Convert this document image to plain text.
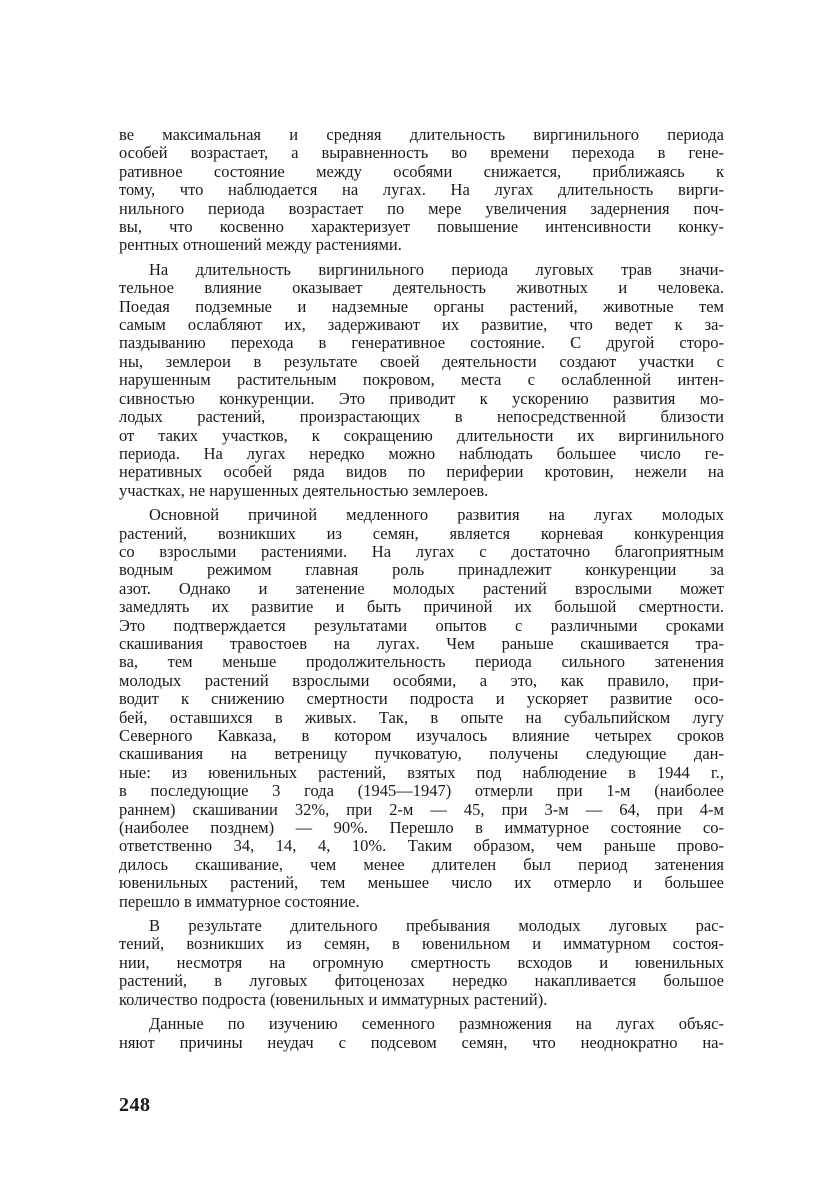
ве максимальная и средняя длительность виргинильного периода
особей возрастает, а выравненность во времени перехода в гене-
ративное состояние между особями снижается, приближаясь к
тому, что наблюдается на лугах. На лугах длительность вирги-
нильного периода возрастает по мере увеличения задернения поч-
вы, что косвенно характеризует повышение интенсивности конку-
рентных отношений между растениями.
На длительность виргинильного периода луговых трав значи-
тельное влияние оказывает деятельность животных и человека.
Поедая подземные и надземные органы растений, животные тем
самым ослабляют их, задерживают их развитие, что ведет к за-
паздыванию перехода в генеративное состояние. С другой сторо-
ны, землерои в результате своей деятельности создают участки с
нарушенным растительным покровом, места с ослабленной интен-
сивностью конкуренции. Это приводит к ускорению развития мо-
лодых растений, произрастающих в непосредственной близости
от таких участков, к сокращению длительности их виргинильного
периода. На лугах нередко можно наблюдать большее число ге-
неративных особей ряда видов по периферии кротовин, нежели на
участках, не нарушенных деятельностью землероев.
Основной причиной медленного развития на лугах молодых
растений, возникших из семян, является корневая конкуренция
со взрослыми растениями. На лугах с достаточно благоприятным
водным режимом главная роль принадлежит конкуренции за
азот. Однако и затенение молодых растений взрослыми может
замедлять их развитие и быть причиной их большой смертности.
Это подтверждается результатами опытов с различными сроками
скашивания травостоев на лугах. Чем раньше скашивается тра-
ва, тем меньше продолжительность периода сильного затенения
молодых растений взрослыми особями, а это, как правило, при-
водит к снижению смертности подроста и ускоряет развитие осо-
бей, оставшихся в живых. Так, в опыте на субальпийском лугу
Северного Кавказа, в котором изучалось влияние четырех сроков
скашивания на ветреницу пучковатую, получены следующие дан-
ные: из ювенильных растений, взятых под наблюдение в 1944 г.,
в последующие 3 года (1945—1947) отмерли при 1-м (наиболее
раннем) скашивании 32%, при 2-м — 45, при 3-м — 64, при 4-м
(наиболее позднем) — 90%. Перешло в имматурное состояние со-
ответственно 34, 14, 4, 10%. Таким образом, чем раньше прово-
дилось скашивание, чем менее длителен был период затенения
ювенильных растений, тем меньшее число их отмерло и большее
перешло в имматурное состояние.
В результате длительного пребывания молодых луговых рас-
тений, возникших из семян, в ювенильном и имматурном состоя-
нии, несмотря на огромную смертность всходов и ювенильных
растений, в луговых фитоценозах нередко накапливается большое
количество подроста (ювенильных и имматурных растений).
Данные по изучению семенного размножения на лугах объяс-
няют причины неудач с подсевом семян, что неоднократно на-
248
